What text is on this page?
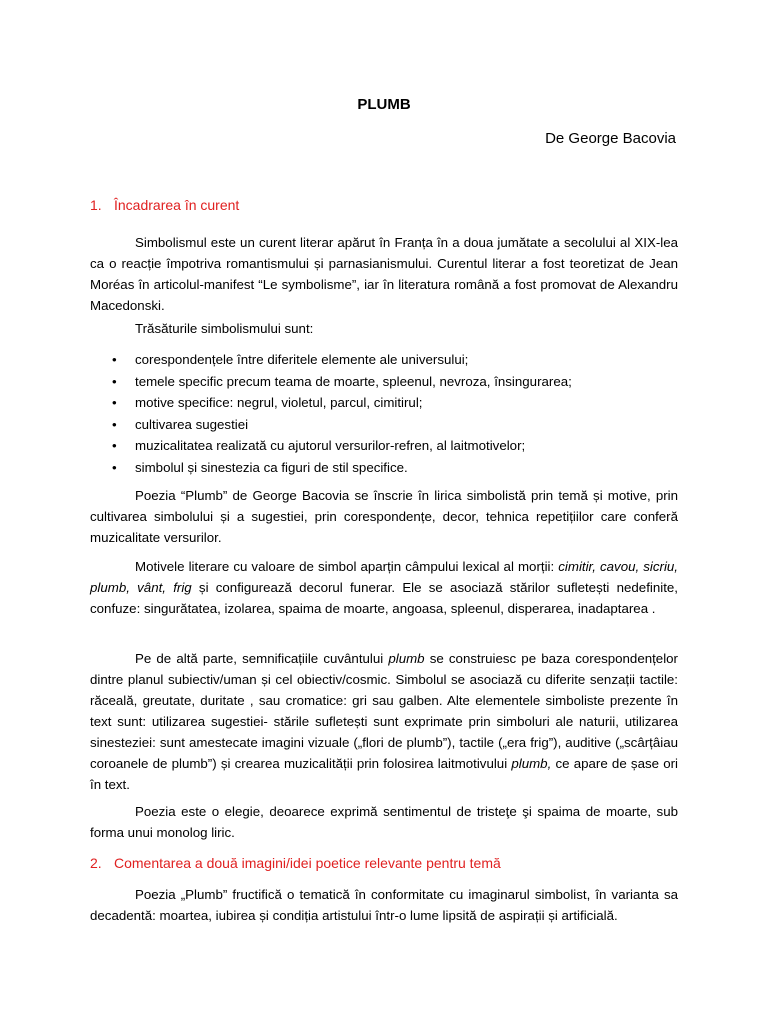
PLUMB
De George Bacovia
1. Încadrarea în curent

Simbolismul este un curent literar apărut în Franța în a doua jumătate a secolului al XIX-lea ca o reacție împotriva romantismului și parnasianismului. Curentul literar a fost teoretizat de Jean Moréas în articolul-manifest “Le symbolisme”, iar în literatura română a fost promovat de Alexandru Macedonski.

Trăsăturile simbolismului sunt:

• corespondențele între diferitele elemente ale universului;
• temele specific precum teama de moarte, spleenul, nevroza, însingurarea;
• motive specifice: negrul, violetul, parcul, cimitirul;
• cultivarea sugestiei
• muzicalitatea realizată cu ajutorul versurilor-refren, al laitmotivelor;
• simbolul și sinestezia ca figuri de stil specifice.

Poezia “Plumb” de George Bacovia se înscrie în lirica simbolistă prin temă și motive, prin cultivarea simbolului și a sugestiei, prin corespondențe, decor, tehnica repetițiilor care conferă muzicalitate versurilor.

Motivele literare cu valoare de simbol aparțin câmpului lexical al morții: cimitir, cavou, sicriu, plumb, vânt, frig și configurează decorul funerar. Ele se asociază stărilor sufletești nedefinite, confuze: singurătatea, izolarea, spaima de moarte, angoasa, spleenul, disperarea, inadaptarea .

Pe de altă parte, semnificațiile cuvântului plumb se construiesc pe baza corespondențelor dintre planul subiectiv/uman și cel obiectiv/cosmic. Simbolul se asociază cu diferite senzații tactile: răceală, greutate, duritate , sau cromatice: gri sau galben. Alte elementele simboliste prezente în text sunt: utilizarea sugestiei- stările sufletești sunt exprimate prin simboluri ale naturii, utilizarea sinesteziei: sunt amestecate imagini vizuale („flori de plumb”), tactile („era frig”), auditive („scârțâiau coroanele de plumb”) și crearea muzicalității prin folosirea laitmotivului plumb, ce apare de șase ori în text.

Poezia este o elegie, deoarece exprimă sentimentul de tristeţe şi spaima de moarte, sub forma unui monolog liric.

2. Comentarea a două imagini/idei poetice relevante pentru temă

Poezia „Plumb” fructifică o tematică în conformitate cu imaginarul simbolist, în varianta sa decadentă: moartea, iubirea și condiția artistului într-o lume lipsită de aspirații și artificială.
